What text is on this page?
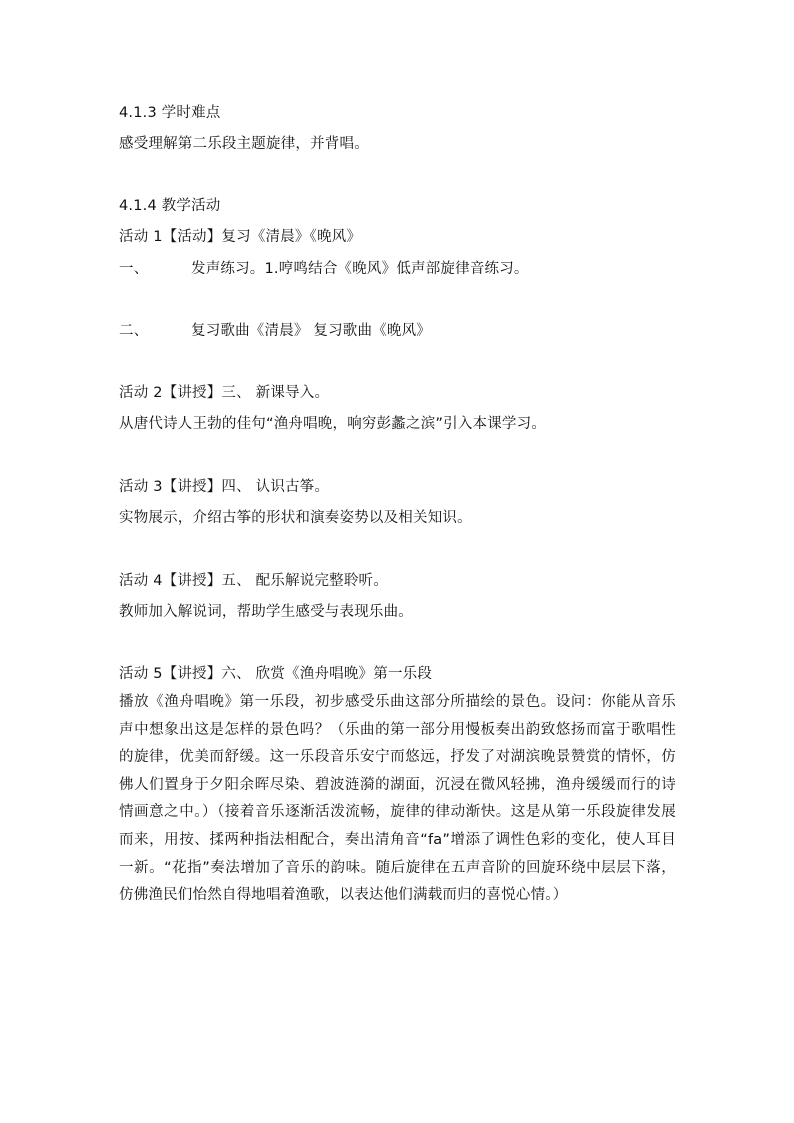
4.1.3 学时难点
感受理解第二乐段主题旋律，并背唱。
4.1.4 教学活动
活动 1【活动】复习《清晨》《晚风》
一、	发声练习。1.哼鸣结合《晚风》低声部旋律音练习。
二、	复习歌曲《清晨》 复习歌曲《晚风》
活动 2【讲授】三、 新课导入。
从唐代诗人王勃的佳句“渔舟唱晚，响穷彭蠡之滨”引入本课学习。
活动 3【讲授】四、 认识古筝。
实物展示，介绍古筝的形状和演奏姿势以及相关知识。
活动 4【讲授】五、 配乐解说完整聆听。
教师加入解说词，帮助学生感受与表现乐曲。
活动 5【讲授】六、 欣赏《渔舟唱晚》第一乐段
播放《渔舟唱晚》第一乐段，初步感受乐曲这部分所描绘的景色。设问：你能从音乐声中想象出这是怎样的景色吗？（乐曲的第一部分用慢板奏出韵致悠扬而富于歌唱性的旋律，优美而舒缓。这一乐段音乐安宁而悠远，抒发了对湖滨晚景赞赏的情怀，仿佛人们置身于夕阳余晖尽染、碧波涟漪的湖面，沉浸在微风轻拂，渔舟缓缓而行的诗情画意之中。）（接着音乐逐渐活泼流畅，旋律的律动渐快。这是从第一乐段旋律发展而来，用按、揉两种指法相配合，奏出清角音“fa”增添了调性色彩的变化，使人耳目一新。“花指”奏法增加了音乐的韵味。随后旋律在五声音阶的回旋环绕中层层下落，仿佛渔民们怡然自得地唱着渔歌，以表达他们满载而归的喜悦心情。）
